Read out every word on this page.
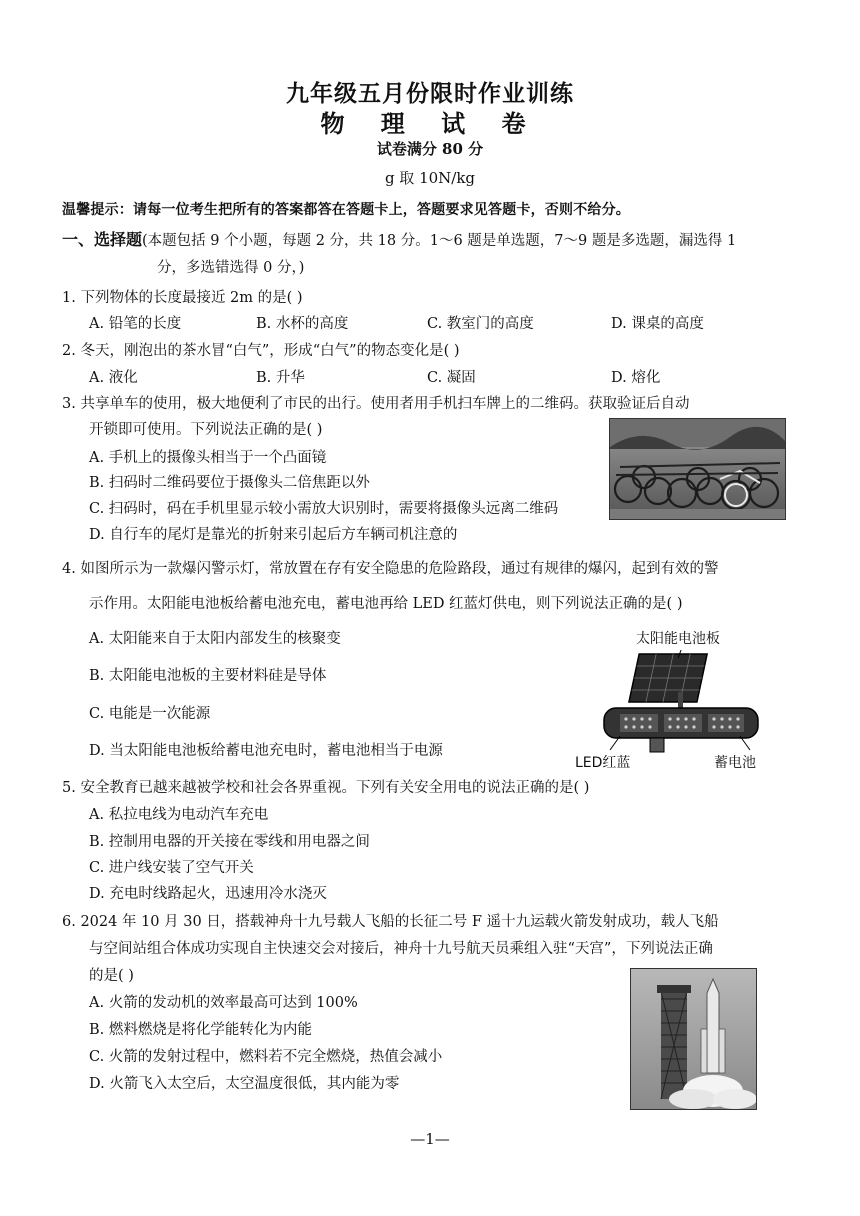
九年级五月份限时作业训练
物 理 试 卷
试卷满分 80 分
g 取 10N/kg
温馨提示：请每一位考生把所有的答案都答在答题卡上，答题要求见答题卡，否则不给分。
一、选择题(本题包括 9 个小题，每题 2 分，共 18 分。1～6 题是单选题，7～9 题是多选题，漏选得 1
分，多选错选得 0 分，)
1. 下列物体的长度最接近 2m 的是( )
A. 铅笔的长度	B. 水杯的高度	C. 教室门的高度	D. 课桌的高度
2. 冬天，刚泡出的茶水冒“白气”，形成“白气”的物态变化是( )
A. 液化	B. 升华	C. 凝固	D. 熔化
3. 共享单车的使用，极大地便利了市民的出行。使用者用手机扫车牌上的二维码。获取验证后自动
开锁即可使用。下列说法正确的是( )
A. 手机上的摄像头相当于一个凸面镜
B. 扫码时二维码要位于摄像头二倍焦距以外
C. 扫码时，码在手机里显示较小需放大识别时，需要将摄像头远离二维码
D. 自行车的尾灯是靠光的折射来引起后方车辆司机注意的
4. 如图所示为一款爆闪警示灯，常放置在存有安全隐患的危险路段，通过有规律的爆闪，起到有效的警
示作用。太阳能电池板给蓄电池充电，蓄电池再给 LED 红蓝灯供电，则下列说法正确的是( )
A. 太阳能来自于太阳内部发生的核聚变
B. 太阳能电池板的主要材料硅是导体
C. 电能是一次能源
D. 当太阳能电池板给蓄电池充电时，蓄电池相当于电源
太阳能电池板
LED红蓝	蓄电池
5. 安全教育已越来越被学校和社会各界重视。下列有关安全用电的说法正确的是( )
A. 私拉电线为电动汽车充电
B. 控制用电器的开关接在零线和用电器之间
C. 进户线安装了空气开关
D. 充电时线路起火，迅速用冷水浇灭
6. 2024 年 10 月 30 日，搭载神舟十九号载人飞船的长征二号 F 遥十九运载火箭发射成功，载人飞船
与空间站组合体成功实现自主快速交会对接后，神舟十九号航天员乘组入驻“天宫”，下列说法正确
的是( )
A. 火箭的发动机的效率最高可达到 100%
B. 燃料燃烧是将化学能转化为内能
C. 火箭的发射过程中，燃料若不完全燃烧，热值会减小
D. 火箭飞入太空后，太空温度很低，其内能为零
—1—
